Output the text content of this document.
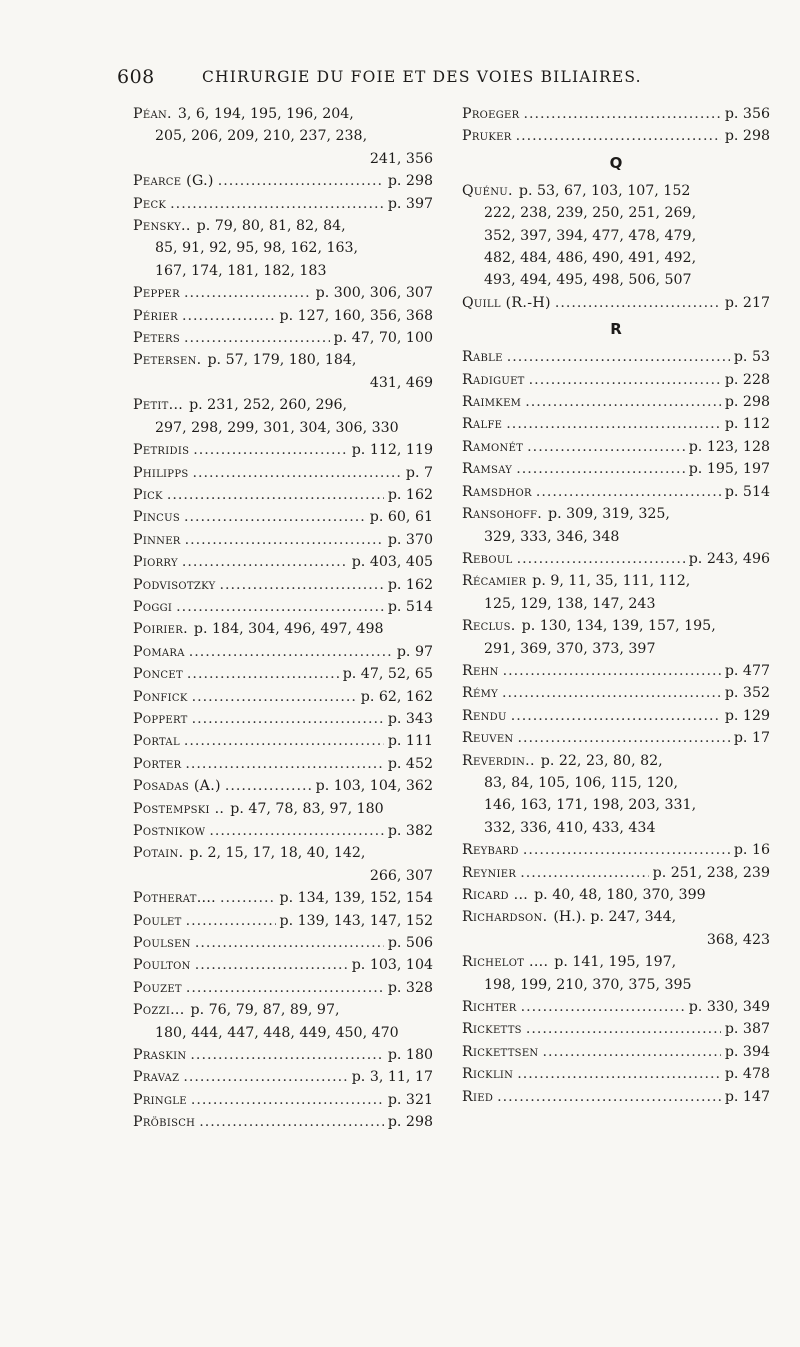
608	CHIRURGIE DU FOIE ET DES VOIES BILIAIRES.
Péan. 3, 6, 194, 195, 196, 204,
205, 206, 209, 210, 237, 238,
241, 356
Pearce (G.) .....	p. 298
Peck .....	p. 397
Pensky.. p. 79, 80, 81, 82, 84,
85, 91, 92, 95, 98, 162, 163,
167, 174, 181, 182, 183
Pepper .....	p. 300, 306, 307
Périer .....	p. 127, 160, 356, 368
Peters .....	p. 47, 70, 100
Petersen. p. 57, 179, 180, 184,
431, 469
Petit... p. 231, 252, 260, 296,
297, 298, 299, 301, 304, 306, 330
Petridis .....	p. 112, 119
Philipps .....	p. 7
Pick .....	p. 162
Pincus .....	p. 60, 61
Pinner .....	p. 370
Piorry .....	p. 403, 405
Podvisotzky .....	p. 162
Poggi .....	p. 514
Poirier. p. 184, 304, 496, 497, 498
Pomara .....	p. 97
Poncet .....	p. 47, 52, 65
Ponfick .....	p. 62, 162
Poppert .....	p. 343
Portal .....	p. 111
Porter .....	p. 452
Posadas (A.) .....	p. 103, 104, 362
Postempski .. p. 47, 78, 83, 97, 180
Postnikow .....	p. 382
Potain. p. 2, 15, 17, 18, 40, 142,
266, 307
Potherat.... .....	p. 134, 139, 152, 154
Poulet .....	p. 139, 143, 147, 152
Poulsen .....	p. 506
Poulton .....	p. 103, 104
Pouzet .....	p. 328
Pozzi... p. 76, 79, 87, 89, 97,
180, 444, 447, 448, 449, 450, 470
Praskin .....	p. 180
Pravaz .....	p. 3, 11, 17
Pringle .....	p. 321
Pröbisch .....	p. 298
Proeger .....	p. 356
Pruker .....	p. 298
Q
Quénu. p. 53, 67, 103, 107, 152
222, 238, 239, 250, 251, 269,
352, 397, 394, 477, 478, 479,
482, 484, 486, 490, 491, 492,
493, 494, 495, 498, 506, 507
Quill (R.-H) .....	p. 217
R
Rable .....	p. 53
Radiguet .....	p. 228
Raimkem .....	p. 298
Ralfe .....	p. 112
Ramonét .....	p. 123, 128
Ramsay .....	p. 195, 197
Ramsdhor .....	p. 514
Ransohoff. p. 309, 319, 325,
329, 333, 346, 348
Reboul .....	p. 243, 496
Récamier p. 9, 11, 35, 111, 112,
125, 129, 138, 147, 243
Reclus. p. 130, 134, 139, 157, 195,
291, 369, 370, 373, 397
Rehn .....	p. 477
Rémy .....	p. 352
Rendu .....	p. 129
Reuven .....	p. 17
Reverdin.. p. 22, 23, 80, 82,
83, 84, 105, 106, 115, 120,
146, 163, 171, 198, 203, 331,
332, 336, 410, 433, 434
Reybard .....	p. 16
Reynier .....	p. 251, 238, 239
Ricard ... p. 40, 48, 180, 370, 399
Richardson. (H.). p. 247, 344,
368, 423
Richelot .... p. 141, 195, 197,
198, 199, 210, 370, 375, 395
Richter .....	p. 330, 349
Ricketts .....	p. 387
Rickettsen .....	p. 394
Ricklin .....	p. 478
Ried .....	p. 147
